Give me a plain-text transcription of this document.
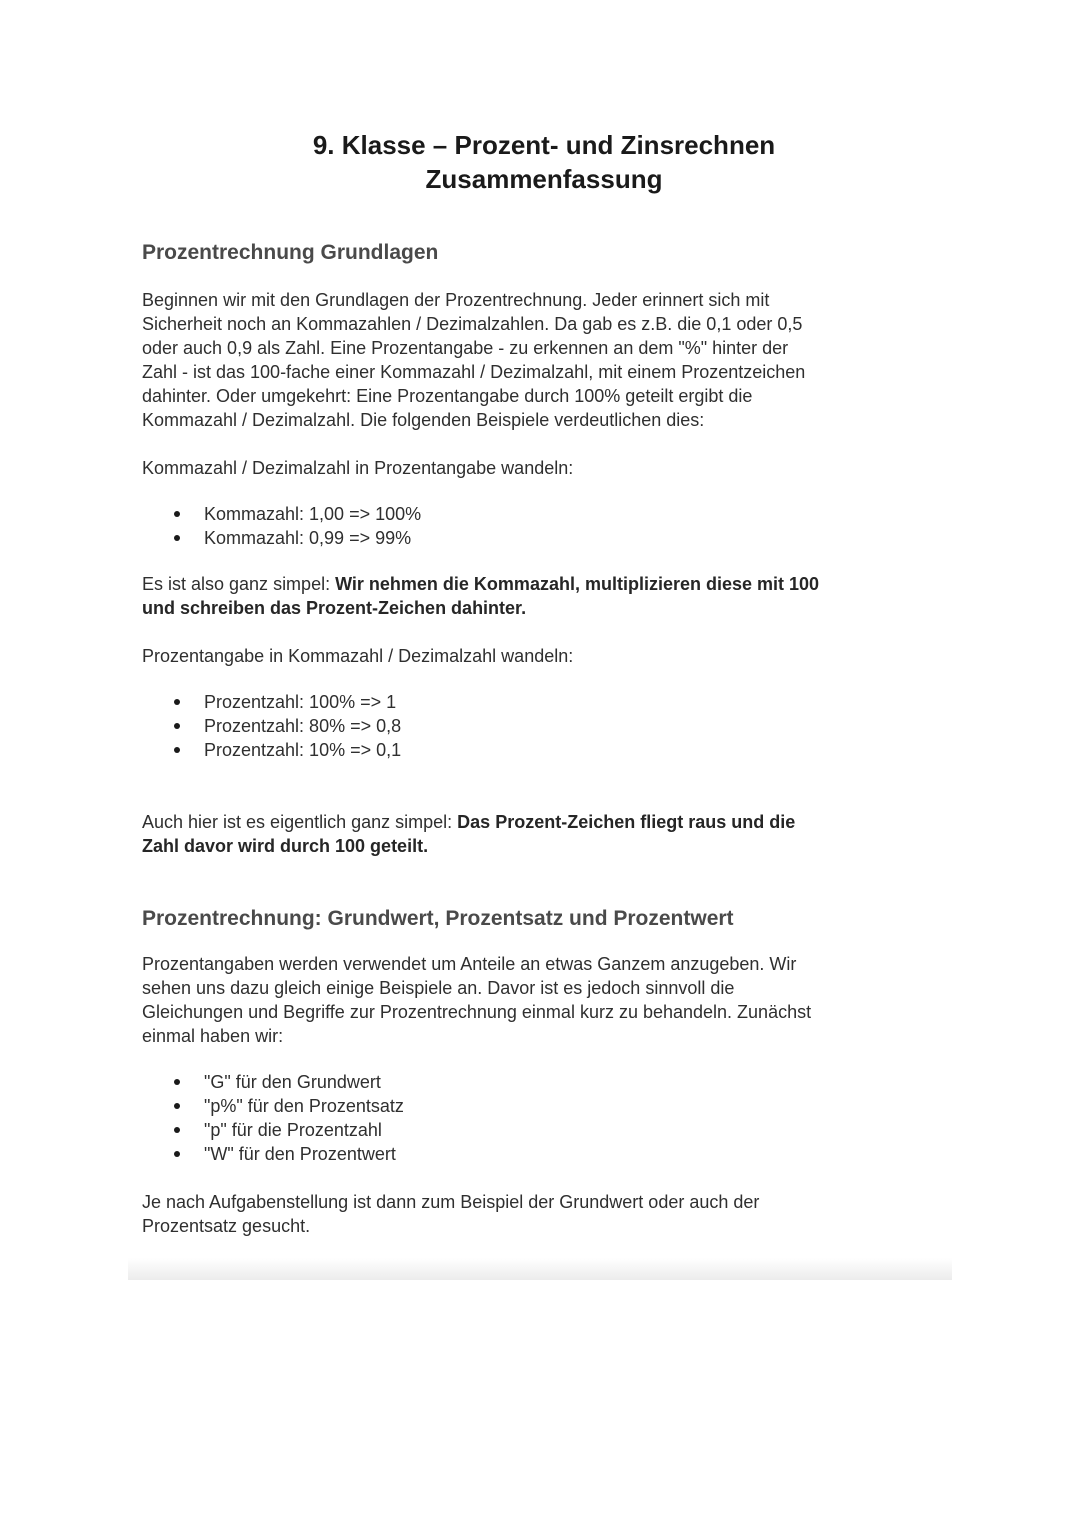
9. Klasse – Prozent- und Zinsrechnen
Zusammenfassung
Prozentrechnung Grundlagen

Beginnen wir mit den Grundlagen der Prozentrechnung. Jeder erinnert sich mit
Sicherheit noch an Kommazahlen / Dezimalzahlen. Da gab es z.B. die 0,1 oder 0,5
oder auch 0,9 als Zahl. Eine Prozentangabe - zu erkennen an dem "%" hinter der
Zahl - ist das 100-fache einer Kommazahl / Dezimalzahl, mit einem Prozentzeichen
dahinter. Oder umgekehrt: Eine Prozentangabe durch 100% geteilt ergibt die
Kommazahl / Dezimalzahl. Die folgenden Beispiele verdeutlichen dies:

Kommazahl / Dezimalzahl in Prozentangabe wandeln:

Kommazahl: 1,00 => 100%
Kommazahl: 0,99 => 99%

Es ist also ganz simpel: Wir nehmen die Kommazahl, multiplizieren diese mit 100
und schreiben das Prozent-Zeichen dahinter.

Prozentangabe in Kommazahl / Dezimalzahl wandeln:

Prozentzahl: 100% => 1
Prozentzahl: 80% => 0,8
Prozentzahl: 10% => 0,1

Auch hier ist es eigentlich ganz simpel: Das Prozent-Zeichen fliegt raus und die
Zahl davor wird durch 100 geteilt.

Prozentrechnung: Grundwert, Prozentsatz und Prozentwert

Prozentangaben werden verwendet um Anteile an etwas Ganzem anzugeben. Wir
sehen uns dazu gleich einige Beispiele an. Davor ist es jedoch sinnvoll die
Gleichungen und Begriffe zur Prozentrechnung einmal kurz zu behandeln. Zunächst
einmal haben wir:

"G" für den Grundwert
"p%" für den Prozentsatz
"p" für die Prozentzahl
"W" für den Prozentwert

Je nach Aufgabenstellung ist dann zum Beispiel der Grundwert oder auch der
Prozentsatz gesucht.
